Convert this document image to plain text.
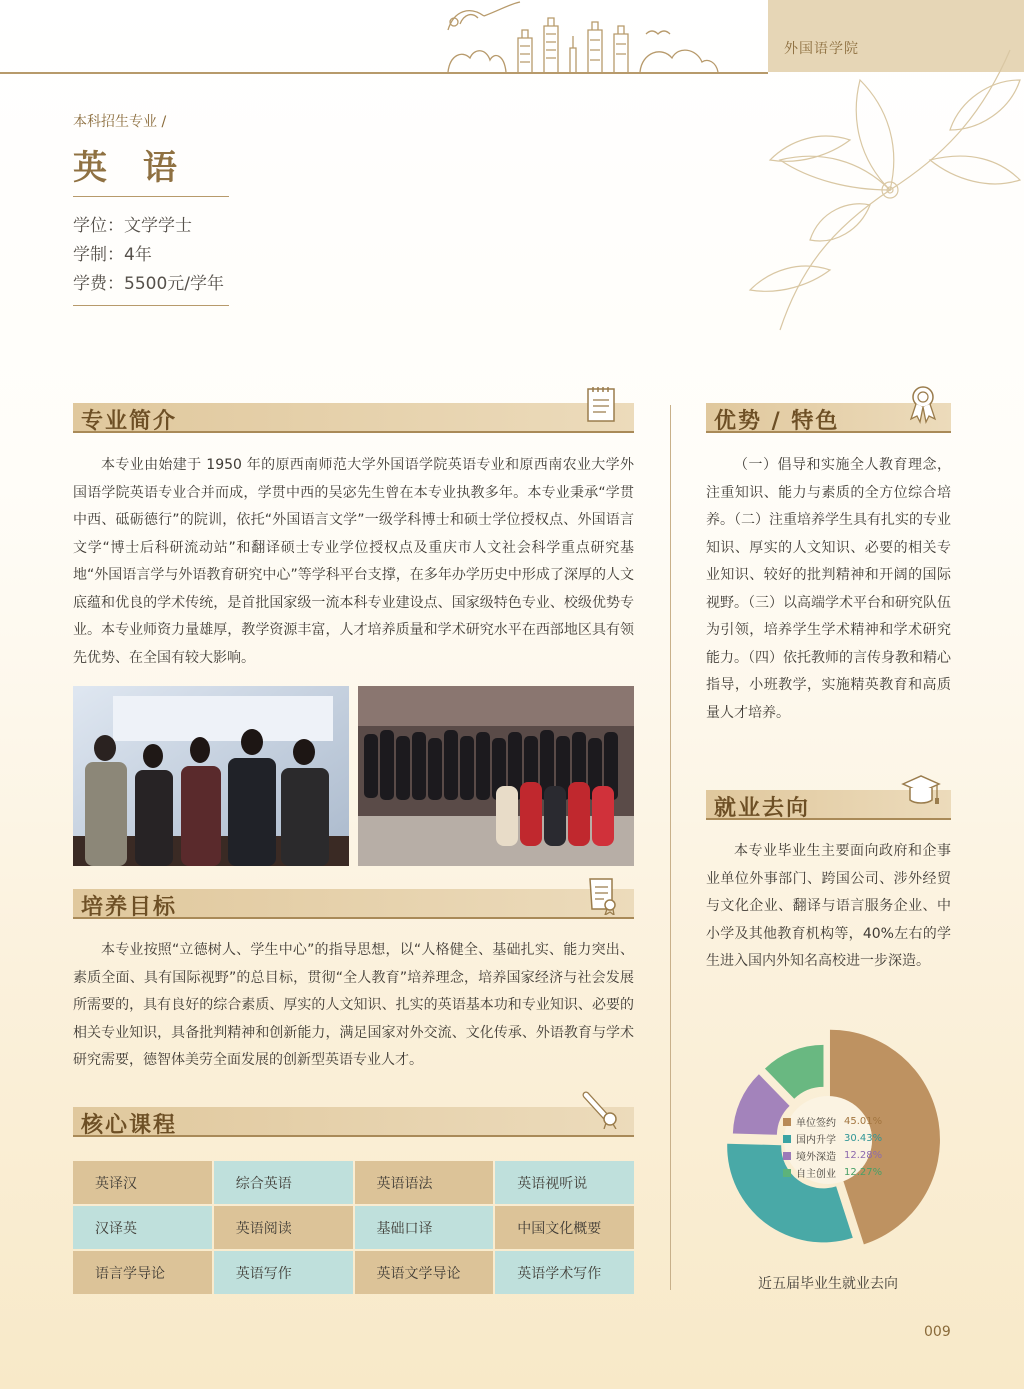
外国语学院
本科招生专业 /
英 语
学位：文学学士
学制：4年
学费：5500元/学年
专业简介

本专业由始建于 1950 年的原西南师范大学外国语学院英语专业和原西南农业大学外国语学院英语专业合并而成，学贯中西的吴宓先生曾在本专业执教多年。本专业秉承“学贯中西、砥砺德行”的院训，依托“外国语言文学”一级学科博士和硕士学位授权点、外国语言文学“博士后科研流动站”和翻译硕士专业学位授权点及重庆市人文社会科学重点研究基地“外国语言学与外语教育研究中心”等学科平台支撑，在多年办学历史中形成了深厚的人文底蕴和优良的学术传统，是首批国家级一流本科专业建设点、国家级特色专业、校级优势专业。本专业师资力量雄厚，教学资源丰富，人才培养质量和学术研究水平在西部地区具有领先优势、在全国有较大影响。

培养目标

本专业按照“立德树人、学生中心”的指导思想，以“人格健全、基础扎实、能力突出、素质全面、具有国际视野”的总目标，贯彻“全人教育”培养理念，培养国家经济与社会发展所需要的，具有良好的综合素质、厚实的人文知识、扎实的英语基本功和专业知识、必要的相关专业知识，具备批判精神和创新能力，满足国家对外交流、文化传承、外语教育与学术研究需要，德智体美劳全面发展的创新型英语专业人才。

核心课程
英译汉	综合英语	英语语法	英语视听说
汉译英	英语阅读	基础口译	中国文化概要
语言学导论	英语写作	英语文学导论	英语学术写作
优势 / 特色

（一）倡导和实施全人教育理念，注重知识、能力与素质的全方位综合培养。（二）注重培养学生具有扎实的专业知识、厚实的人文知识、必要的相关专业知识、较好的批判精神和开阔的国际视野。（三）以高端学术平台和研究队伍为引领，培养学生学术精神和学术研究能力。（四）依托教师的言传身教和精心指导，小班教学，实施精英教育和高质量人才培养。

就业去向

本专业毕业生主要面向政府和企事业单位外事部门、跨国公司、涉外经贸与文化企业、翻译与语言服务企业、中小学及其他教育机构等，40%左右的学生进入国内外知名高校进一步深造。

单位签约 45.01%
国内升学 30.43%
境外深造 12.28%
自主创业 12.27%
近五届毕业生就业去向
009
